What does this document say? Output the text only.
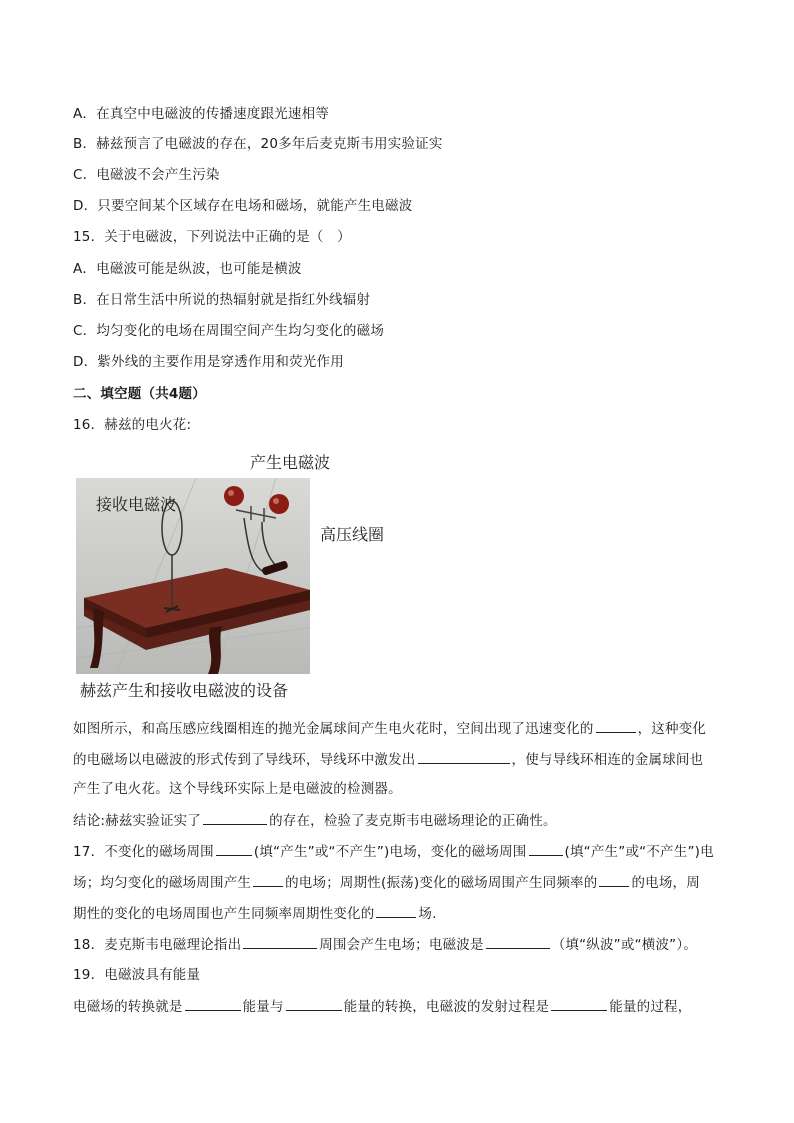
A．在真空中电磁波的传播速度跟光速相等
B．赫兹预言了电磁波的存在，20多年后麦克斯韦用实验证实
C．电磁波不会产生污染
D．只要空间某个区域存在电场和磁场，就能产生电磁波
15．关于电磁波，下列说法中正确的是（　）
A．电磁波可能是纵波，也可能是横波
B．在日常生活中所说的热辐射就是指红外线辐射
C．均匀变化的电场在周围空间产生均匀变化的磁场
D．紫外线的主要作用是穿透作用和荧光作用
二、填空题（共4题）
16．赫兹的电火花:
产生电磁波
接收电磁波
高压线圈
赫兹产生和接收电磁波的设备
如图所示，和高压感应线圈相连的抛光金属球间产生电火花时，空间出现了迅速变化的	，这种变化
的电磁场以电磁波的形式传到了导线环，导线环中激发出	，使与导线环相连的金属球间也
产生了电火花。这个导线环实际上是电磁波的检测器。
结论:赫兹实验证实了	的存在，检验了麦克斯韦电磁场理论的正确性。
17．不变化的磁场周围	(填“产生”或“不产生”)电场，变化的磁场周围	(填“产生”或“不产生”)电
场；均匀变化的磁场周围产生	的电场；周期性(振荡)变化的磁场周围产生同频率的	的电场，周
期性的变化的电场周围也产生同频率周期性变化的	场.
18．麦克斯韦电磁理论指出	周围会产生电场；电磁波是	（填“纵波”或“横波”）。
19．电磁波具有能量
电磁场的转换就是	能量与	能量的转换，电磁波的发射过程是	能量的过程，
